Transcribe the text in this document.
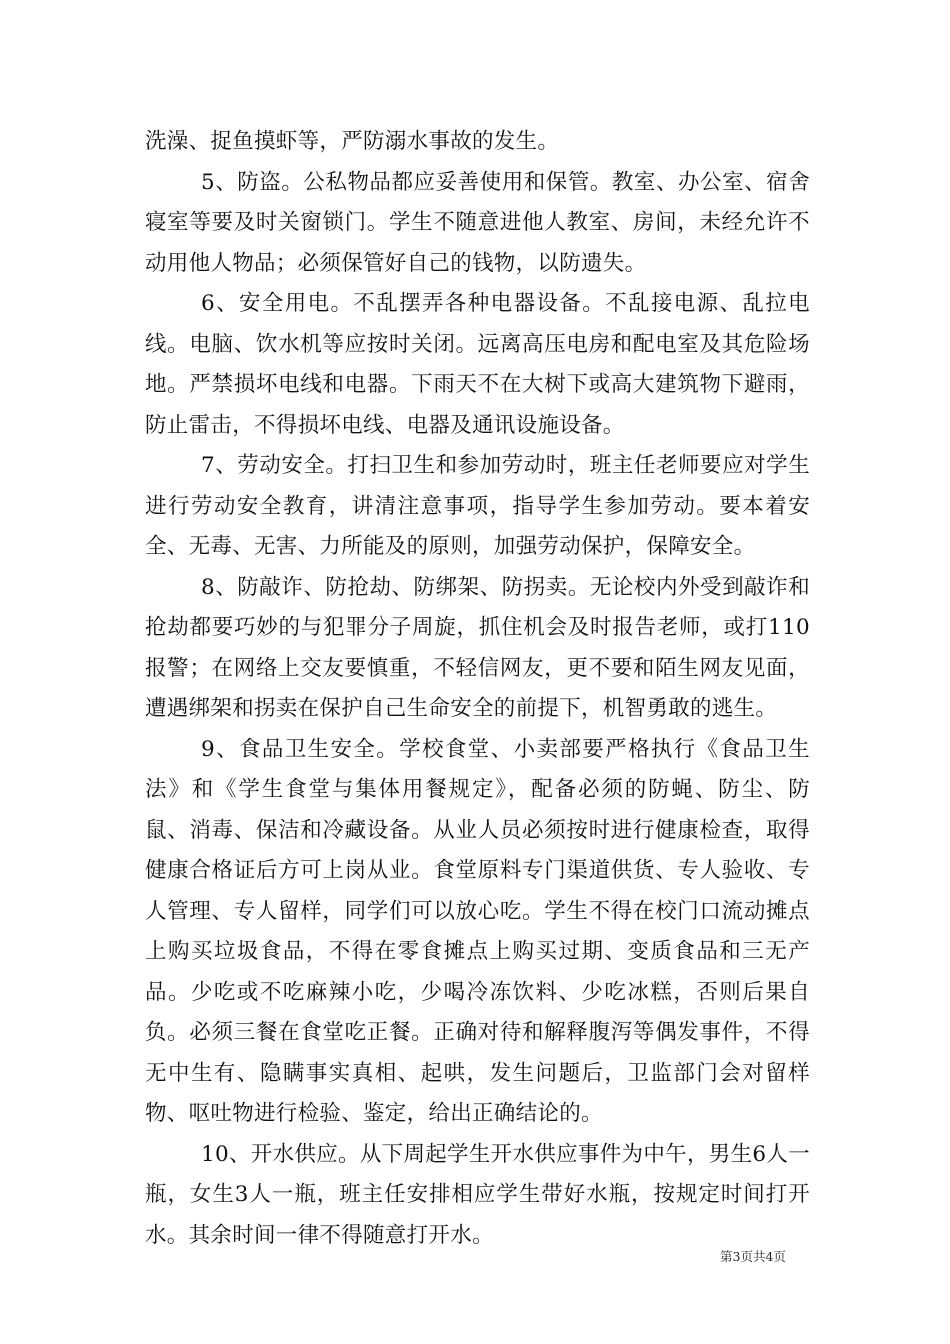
洗澡、捉鱼摸虾等，严防溺水事故的发生。

5、防盗。公私物品都应妥善使用和保管。教室、办公室、宿舍寝室等要及时关窗锁门。学生不随意进他人教室、房间，未经允许不动用他人物品；必须保管好自己的钱物，以防遗失。

6、安全用电。不乱摆弄各种电器设备。不乱接电源、乱拉电线。电脑、饮水机等应按时关闭。远离高压电房和配电室及其危险场地。严禁损坏电线和电器。下雨天不在大树下或高大建筑物下避雨，防止雷击，不得损坏电线、电器及通讯设施设备。

7、劳动安全。打扫卫生和参加劳动时，班主任老师要应对学生进行劳动安全教育，讲清注意事项，指导学生参加劳动。要本着安全、无毒、无害、力所能及的原则，加强劳动保护，保障安全。

8、防敲诈、防抢劫、防绑架、防拐卖。无论校内外受到敲诈和抢劫都要巧妙的与犯罪分子周旋，抓住机会及时报告老师，或打110报警；在网络上交友要慎重，不轻信网友，更不要和陌生网友见面，遭遇绑架和拐卖在保护自己生命安全的前提下，机智勇敢的逃生。

9、食品卫生安全。学校食堂、小卖部要严格执行《食品卫生法》和《学生食堂与集体用餐规定》，配备必须的防蝇、防尘、防鼠、消毒、保洁和冷藏设备。从业人员必须按时进行健康检查，取得健康合格证后方可上岗从业。食堂原料专门渠道供货、专人验收、专人管理、专人留样，同学们可以放心吃。学生不得在校门口流动摊点上购买垃圾食品，不得在零食摊点上购买过期、变质食品和三无产品。少吃或不吃麻辣小吃，少喝冷冻饮料、少吃冰糕，否则后果自负。必须三餐在食堂吃正餐。正确对待和解释腹泻等偶发事件，不得无中生有、隐瞒事实真相、起哄，发生问题后，卫监部门会对留样物、呕吐物进行检验、鉴定，给出正确结论的。

10、开水供应。从下周起学生开水供应事件为中午，男生6人一瓶，女生3人一瓶，班主任安排相应学生带好水瓶，按规定时间打开水。其余时间一律不得随意打开水。

第3页共4页
